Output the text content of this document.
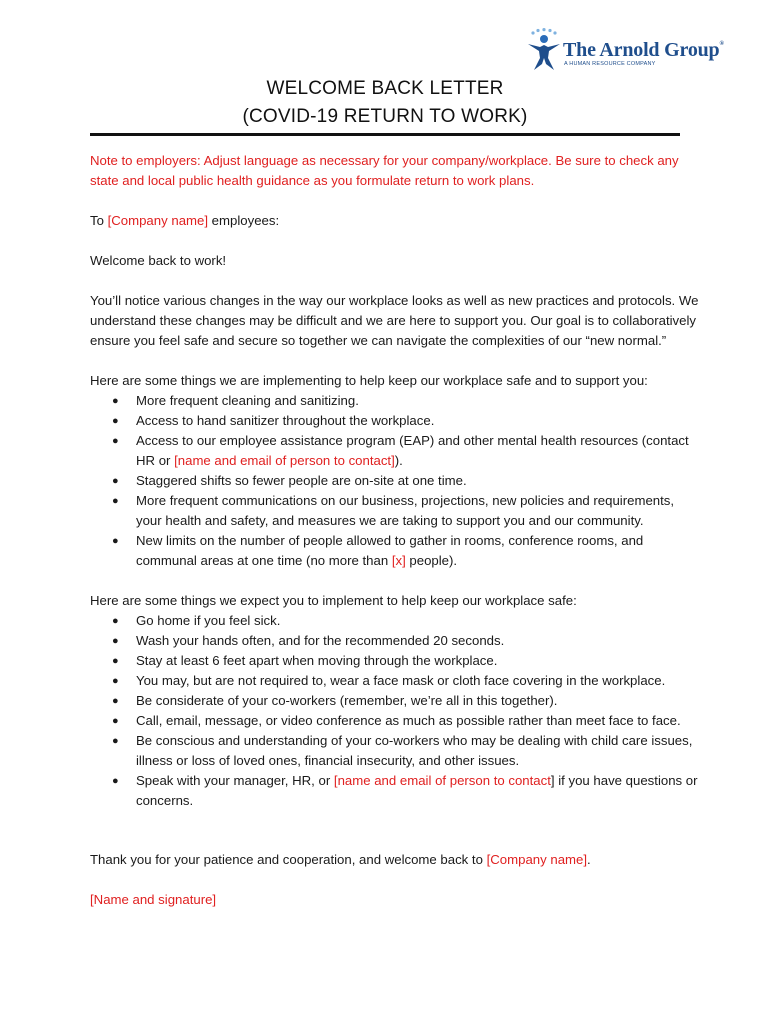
The Arnold Group®
A HUMAN RESOURCE COMPANY
WELCOME BACK LETTER
(COVID-19 RETURN TO WORK)
Note to employers: Adjust language as necessary for your company/workplace. Be sure to check any
state and local public health guidance as you formulate return to work plans.
To [Company name] employees:
Welcome back to work!
You’ll notice various changes in the way our workplace looks as well as new practices and protocols. We
understand these changes may be difficult and we are here to support you. Our goal is to collaboratively
ensure you feel safe and secure so together we can navigate the complexities of our “new normal.”
Here are some things we are implementing to help keep our workplace safe and to support you:
● More frequent cleaning and sanitizing.
● Access to hand sanitizer throughout the workplace.
● Access to our employee assistance program (EAP) and other mental health resources (contact
HR or [name and email of person to contact]).
● Staggered shifts so fewer people are on-site at one time.
● More frequent communications on our business, projections, new policies and requirements,
your health and safety, and measures we are taking to support you and our community.
● New limits on the number of people allowed to gather in rooms, conference rooms, and
communal areas at one time (no more than [x] people).
Here are some things we expect you to implement to help keep our workplace safe:
● Go home if you feel sick.
● Wash your hands often, and for the recommended 20 seconds.
● Stay at least 6 feet apart when moving through the workplace.
● You may, but are not required to, wear a face mask or cloth face covering in the workplace.
● Be considerate of your co-workers (remember, we’re all in this together).
● Call, email, message, or video conference as much as possible rather than meet face to face.
● Be conscious and understanding of your co-workers who may be dealing with child care issues,
illness or loss of loved ones, financial insecurity, and other issues.
● Speak with your manager, HR, or [name and email of person to contact] if you have questions or
concerns.
Thank you for your patience and cooperation, and welcome back to [Company name].
[Name and signature]
